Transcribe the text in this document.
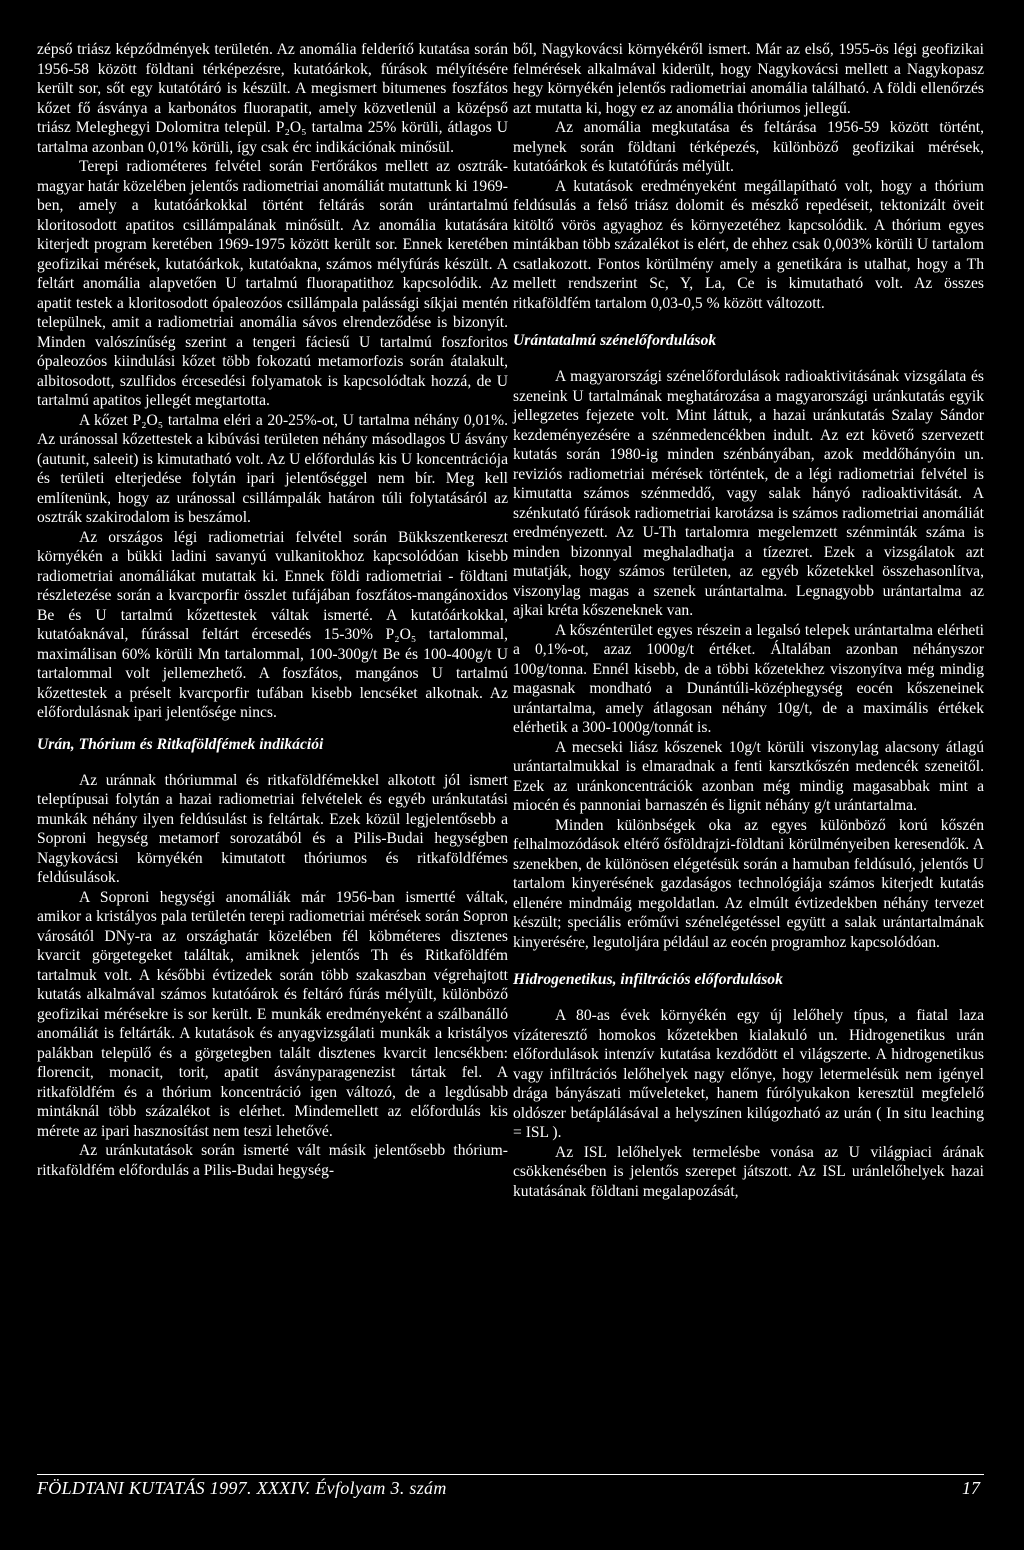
zépső triász képződmények területén. Az anomália felderítő kutatása során 1956-58 között földtani térképezésre, kutatóárkok, fúrások mélyítésére került sor, sőt egy kutatótáró is készült. A megismert bitumenes foszfátos kőzet fő ásványa a karbonátos fluorapatit, amely közvetlenül a középső triász Meleghegyi Dolomitra települ. P₂O₅ tartalma 25% körüli, átlagos U tartalma azonban 0,01% körüli, így csak érc indikációnak minősül.

Terepi radiométeres felvétel során Fertőrákos mellett az osztrák-magyar határ közelében jelentős radiometriai anomáliát mutattunk ki 1969-ben, amely a kutatóárkokkal történt feltárás során urántartalmú kloritosodott apatitos csillámpalának minősült. Az anomália kutatására kiterjedt program keretében 1969-1975 között került sor. Ennek keretében geofizikai mérések, kutatóárkok, kutatóakna, számos mélyfúrás készült. A feltárt anomália alapvetően U tartalmú fluorapatithoz kapcsolódik. Az apatit testek a kloritosodott ópaleozóos csillámpala palássági síkjai mentén települnek, amit a radiometriai anomália sávos elrendeződése is bizonyít. Minden valószínűség szerint a tengeri fáciesű U tartalmú foszforitos ópaleozóos kiindulási kőzet több fokozatú metamorfozis során átalakult, albitosodott, szulfidos ércesedési folyamatok is kapcsolódtak hozzá, de U tartalmú apatitos jellegét megtartotta.

A kőzet P₂O₅ tartalma eléri a 20-25%-ot, U tartalma néhány 0,01%. Az uránossal kőzettestek a kibúvási területen néhány másodlagos U ásvány (autunit, saleeit) is kimutatható volt. Az U előfordulás kis U koncentrációja és területi elterjedése folytán ipari jelentőséggel nem bír. Meg kell említenünk, hogy az uránossal csillámpalák határon túli folytatásáról az osztrák szakirodalom is beszámol.

Az országos légi radiometriai felvétel során Bükkszentkereszt környékén a bükki ladini savanyú vulkanitokhoz kapcsolódóan kisebb radiometriai anomáliákat mutattak ki. Ennek földi radiometriai - földtani részletezése során a kvarcporfir összlet tufájában foszfátos-mangánoxidos Be és U tartalmú kőzettestek váltak ismerté. A kutatóárkokkal, kutatóaknával, fúrással feltárt ércesedés 15-30% P₂O₅ tartalommal, maximálisan 60% körüli Mn tartalommal, 100-300g/t Be és 100-400g/t U tartalommal volt jellemezhető. A foszfátos, mangános U tartalmú kőzettestek a préselt kvarcporfir tufában kisebb lencséket alkotnak. Az előfordulásnak ipari jelentősége nincs.

Urán, Thórium és Ritkaföldfémek indikációi

Az uránnak thóriummal és ritkaföldfémekkel alkotott jól ismert teleptípusai folytán a hazai radiometriai felvételek és egyéb uránkutatási munkák néhány ilyen feldúsulást is feltártak. Ezek közül legjelentősebb a Soproni hegység metamorf sorozatából és a Pilis-Budai hegységben Nagykovácsi környékén kimutatott thóriumos és ritkaföldfémes feldúsulások.

A Soproni hegységi anomáliák már 1956-ban ismertté váltak, amikor a kristályos pala területén terepi radiometriai mérések során Sopron városától DNy-ra az országhatár közelében fél köbméteres disztenes kvarcit görgetegeket találtak, amiknek jelentős Th és Ritkaföldfém tartalmuk volt. A későbbi évtizedek során több szakaszban végrehajtott kutatás alkalmával számos kutatóárok és feltáró fúrás mélyült, különböző geofizikai mérésekre is sor került. E munkák eredményeként a szálbanálló anomáliát is feltárták. A kutatások és anyagvizsgálati munkák a kristályos palákban települő és a görgetegben talált disztenes kvarcit lencsékben: florencit, monacit, torit, apatit ásványparagenezist tártak fel. A ritkaföldfém és a thórium koncentráció igen változó, de a legdúsabb mintáknál több százalékot is elérhet. Mindemellett az előfordulás kis mérete az ipari hasznosítást nem teszi lehetővé.

Az uránkutatások során ismerté vált másik jelentősebb thórium-ritkaföldfém előfordulás a Pilis-Budai hegység-

ből, Nagykovácsi környékéről ismert. Már az első, 1955-ös légi geofizikai felmérések alkalmával kiderült, hogy Nagykovácsi mellett a Nagykopasz hegy környékén jelentős radiometriai anomália található. A földi ellenőrzés azt mutatta ki, hogy ez az anomália thóriumos jellegű.

Az anomália megkutatása és feltárása 1956-59 között történt, melynek során földtani térképezés, különböző geofizikai mérések, kutatóárkok és kutatófúrás mélyült.

A kutatások eredményeként megállapítható volt, hogy a thórium feldúsulás a felső triász dolomit és mészkő repedéseit, tektonizált öveit kitöltő vörös agyaghoz és környezetéhez kapcsolódik. A thórium egyes mintákban több százalékot is elért, de ehhez csak 0,003% körüli U tartalom csatlakozott. Fontos körülmény amely a genetikára is utalhat, hogy a Th mellett rendszerint Sc, Y, La, Ce is kimutatható volt. Az összes ritkaföldfém tartalom 0,03-0,5 % között változott.

Urántatalmú szénelőfordulások

A magyarországi szénelőfordulások radioaktivitásának vizsgálata és szeneink U tartalmának meghatározása a magyarországi uránkutatás egyik jellegzetes fejezete volt. Mint láttuk, a hazai uránkutatás Szalay Sándor kezdeményezésére a szénmedencékben indult. Az ezt követő szervezett kutatás során 1980-ig minden szénbányában, azok meddőhányóin un. reviziós radiometriai mérések történtek, de a légi radiometriai felvétel is kimutatta számos szénmeddő, vagy salak hányó radioaktivitását. A szénkutató fúrások radiometriai karotázsa is számos radiometriai anomáliát eredményezett. Az U-Th tartalomra megelemzett szénminták száma is minden bizonnyal meghaladhatja a tízezret. Ezek a vizsgálatok azt mutatják, hogy számos területen, az egyéb kőzetekkel összehasonlítva, viszonylag magas a szenek urántartalma. Legnagyobb urántartalma az ajkai kréta kőszeneknek van.

A kőszénterület egyes részein a legalsó telepek urántartalma elérheti a 0,1%-ot, azaz 1000g/t értéket. Általában azonban néhányszor 100g/tonna. Ennél kisebb, de a többi kőzetekhez viszonyítva még mindig magasnak mondható a Dunántúli-középhegység eocén kőszeneinek urántartalma, amely átlagosan néhány 10g/t, de a maximális értékek elérhetik a 300-1000g/tonnát is.

A mecseki liász kőszenek 10g/t körüli viszonylag alacsony átlagú urántartalmukkal is elmaradnak a fenti karsztkőszén medencék szeneitől. Ezek az uránkoncentrációk azonban még mindig magasabbak mint a miocén és pannoniai barnaszén és lignit néhány g/t urántartalma.

Minden különbségek oka az egyes különböző korú kőszén felhalmozódások eltérő ősföldrajzi-földtani körülményeiben keresendők. A szenekben, de különösen elégetésük során a hamuban feldúsuló, jelentős U tartalom kinyerésének gazdaságos technológiája számos kiterjedt kutatás ellenére mindmáig megoldatlan. Az elmúlt évtizedekben néhány tervezet készült; speciális erőművi szénelégetéssel együtt a salak urántartalmának kinyerésére, legutoljára például az eocén programhoz kapcsolódóan.

Hidrogenetikus, infiltrációs előfordulások

A 80-as évek környékén egy új lelőhely típus, a fiatal laza vízáteresztő homokos kőzetekben kialakuló un. Hidrogenetikus urán előfordulások intenzív kutatása kezdődött el világszerte. A hidrogenetikus vagy infiltrációs lelőhelyek nagy előnye, hogy letermelésük nem igényel drága bányászati műveleteket, hanem fúrólyukakon keresztül megfelelő oldószer betáplálásával a helyszínen kilúgozható az urán ( In situ leaching = ISL ).

Az ISL lelőhelyek termelésbe vonása az U világpiaci árának csökkenésében is jelentős szerepet játszott. Az ISL uránlelőhelyek hazai kutatásának földtani megalapozását,

FÖLDTANI KUTATÁS 1997. XXXIV. Évfolyam 3. szám	17
